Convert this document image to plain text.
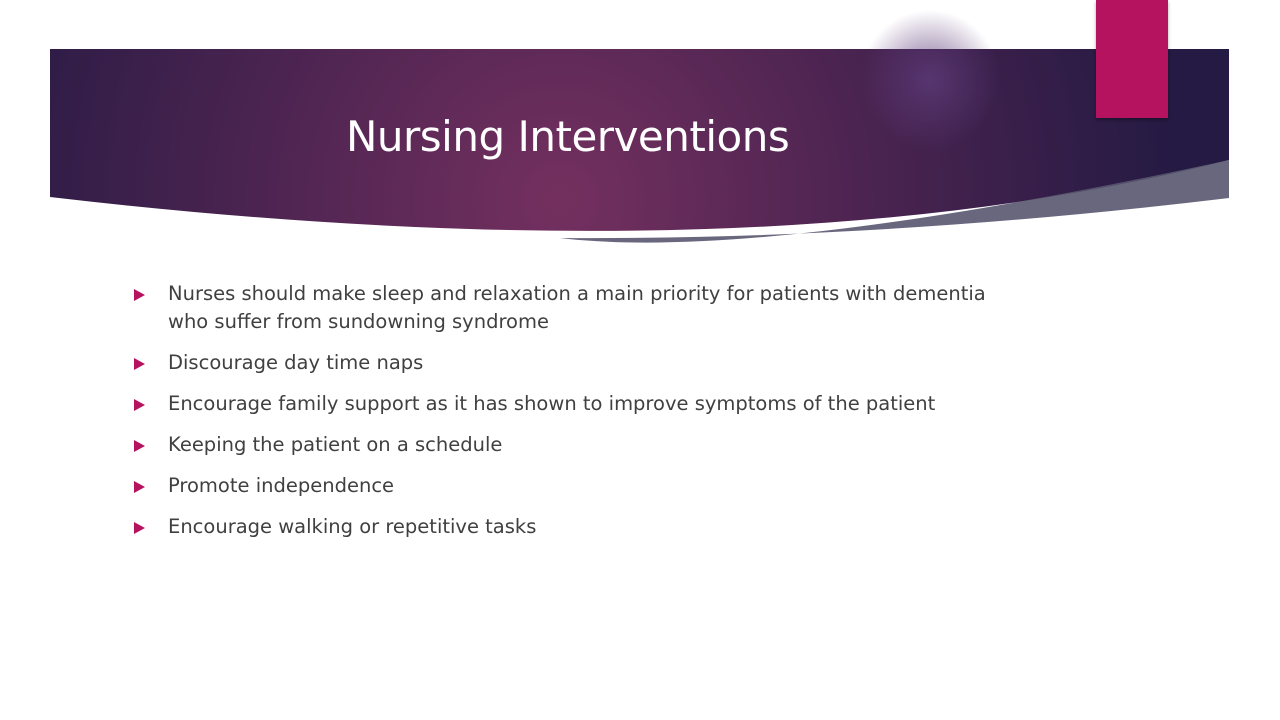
Nursing Interventions
Nurses should make sleep and relaxation a main priority for patients with dementia who suffer from sundowning syndrome
Discourage day time naps
Encourage family support as it has shown to improve symptoms of the patient
Keeping the patient on a schedule
Promote independence
Encourage walking or repetitive tasks
